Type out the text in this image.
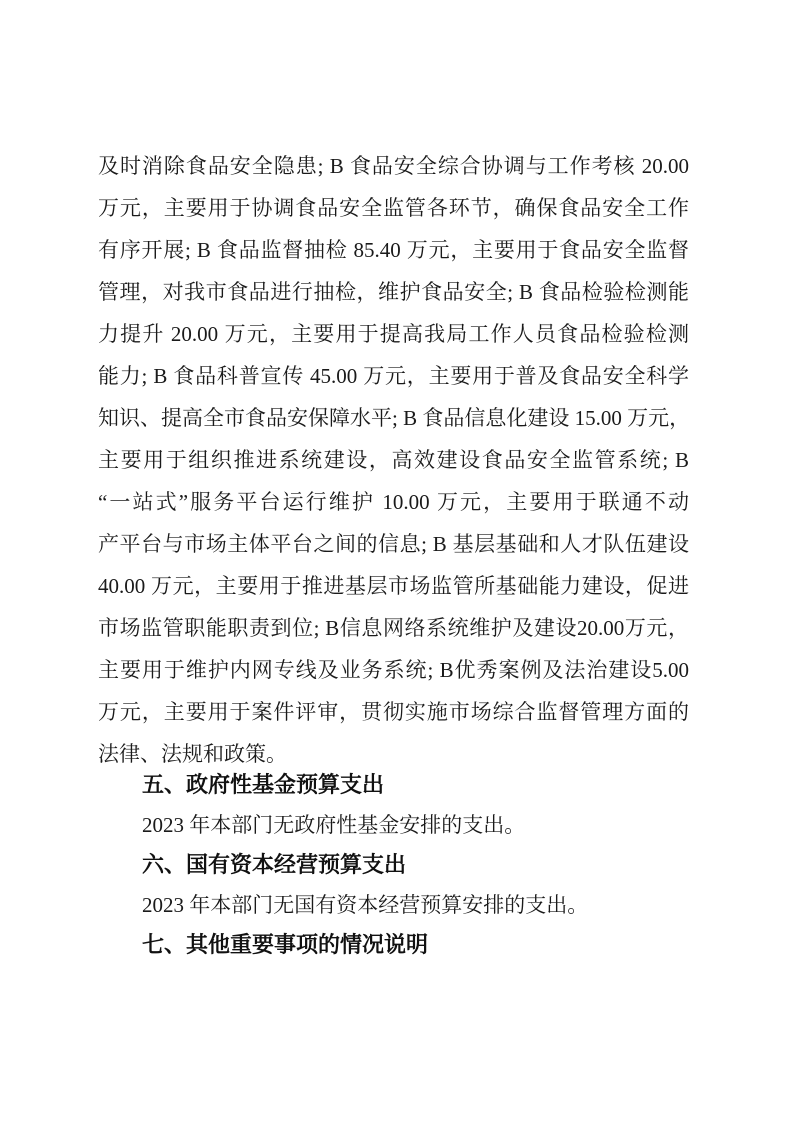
及时消除食品安全隐患; B 食品安全综合协调与工作考核 20.00
万元，主要用于协调食品安全监管各环节，确保食品安全工作
有序开展; B 食品监督抽检 85.40 万元，主要用于食品安全监督
管理，对我市食品进行抽检，维护食品安全; B 食品检验检测能
力提升 20.00 万元，主要用于提高我局工作人员食品检验检测
能力; B 食品科普宣传 45.00 万元，主要用于普及食品安全科学
知识、提高全市食品安保障水平; B 食品信息化建设 15.00 万元，
主要用于组织推进系统建设，高效建设食品安全监管系统; B
“一站式”服务平台运行维护 10.00 万元，主要用于联通不动
产平台与市场主体平台之间的信息; B 基层基础和人才队伍建设
40.00 万元，主要用于推进基层市场监管所基础能力建设，促进
市场监管职能职责到位; B信息网络系统维护及建设20.00万元，
主要用于维护内网专线及业务系统; B优秀案例及法治建设5.00
万元，主要用于案件评审，贯彻实施市场综合监督管理方面的
法律、法规和政策。
五、政府性基金预算支出
2023 年本部门无政府性基金安排的支出。
六、国有资本经营预算支出
2023 年本部门无国有资本经营预算安排的支出。
七、其他重要事项的情况说明
